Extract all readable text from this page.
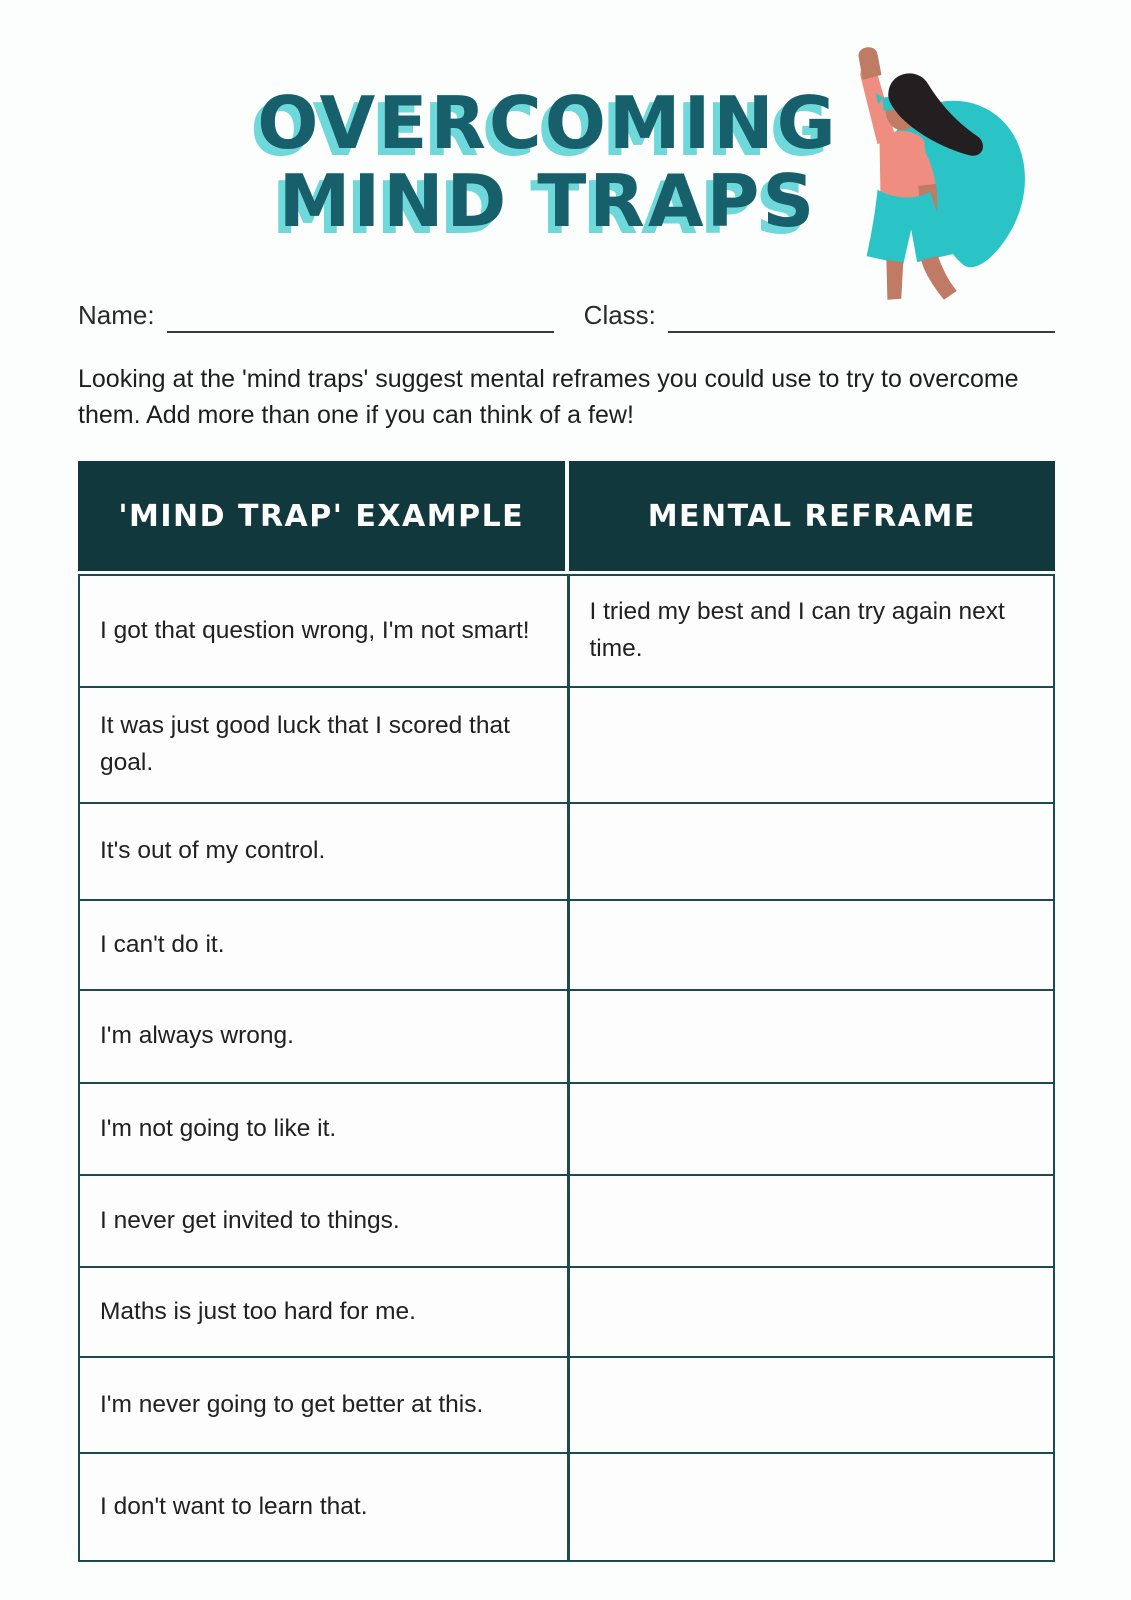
OVERCOMING
MIND TRAPS
Name:	Class:

Looking at the 'mind traps' suggest mental reframes you could use to try to overcome them. Add more than one if you can think of a few!

'MIND TRAP' EXAMPLE	MENTAL REFRAME
I got that question wrong, I'm not smart!
I tried my best and I can try again next time.
It was just good luck that I scored that goal.
It's out of my control.
I can't do it.
I'm always wrong.
I'm not going to like it.
I never get invited to things.
Maths is just too hard for me.
I'm never going to get better at this.
I don't want to learn that.
